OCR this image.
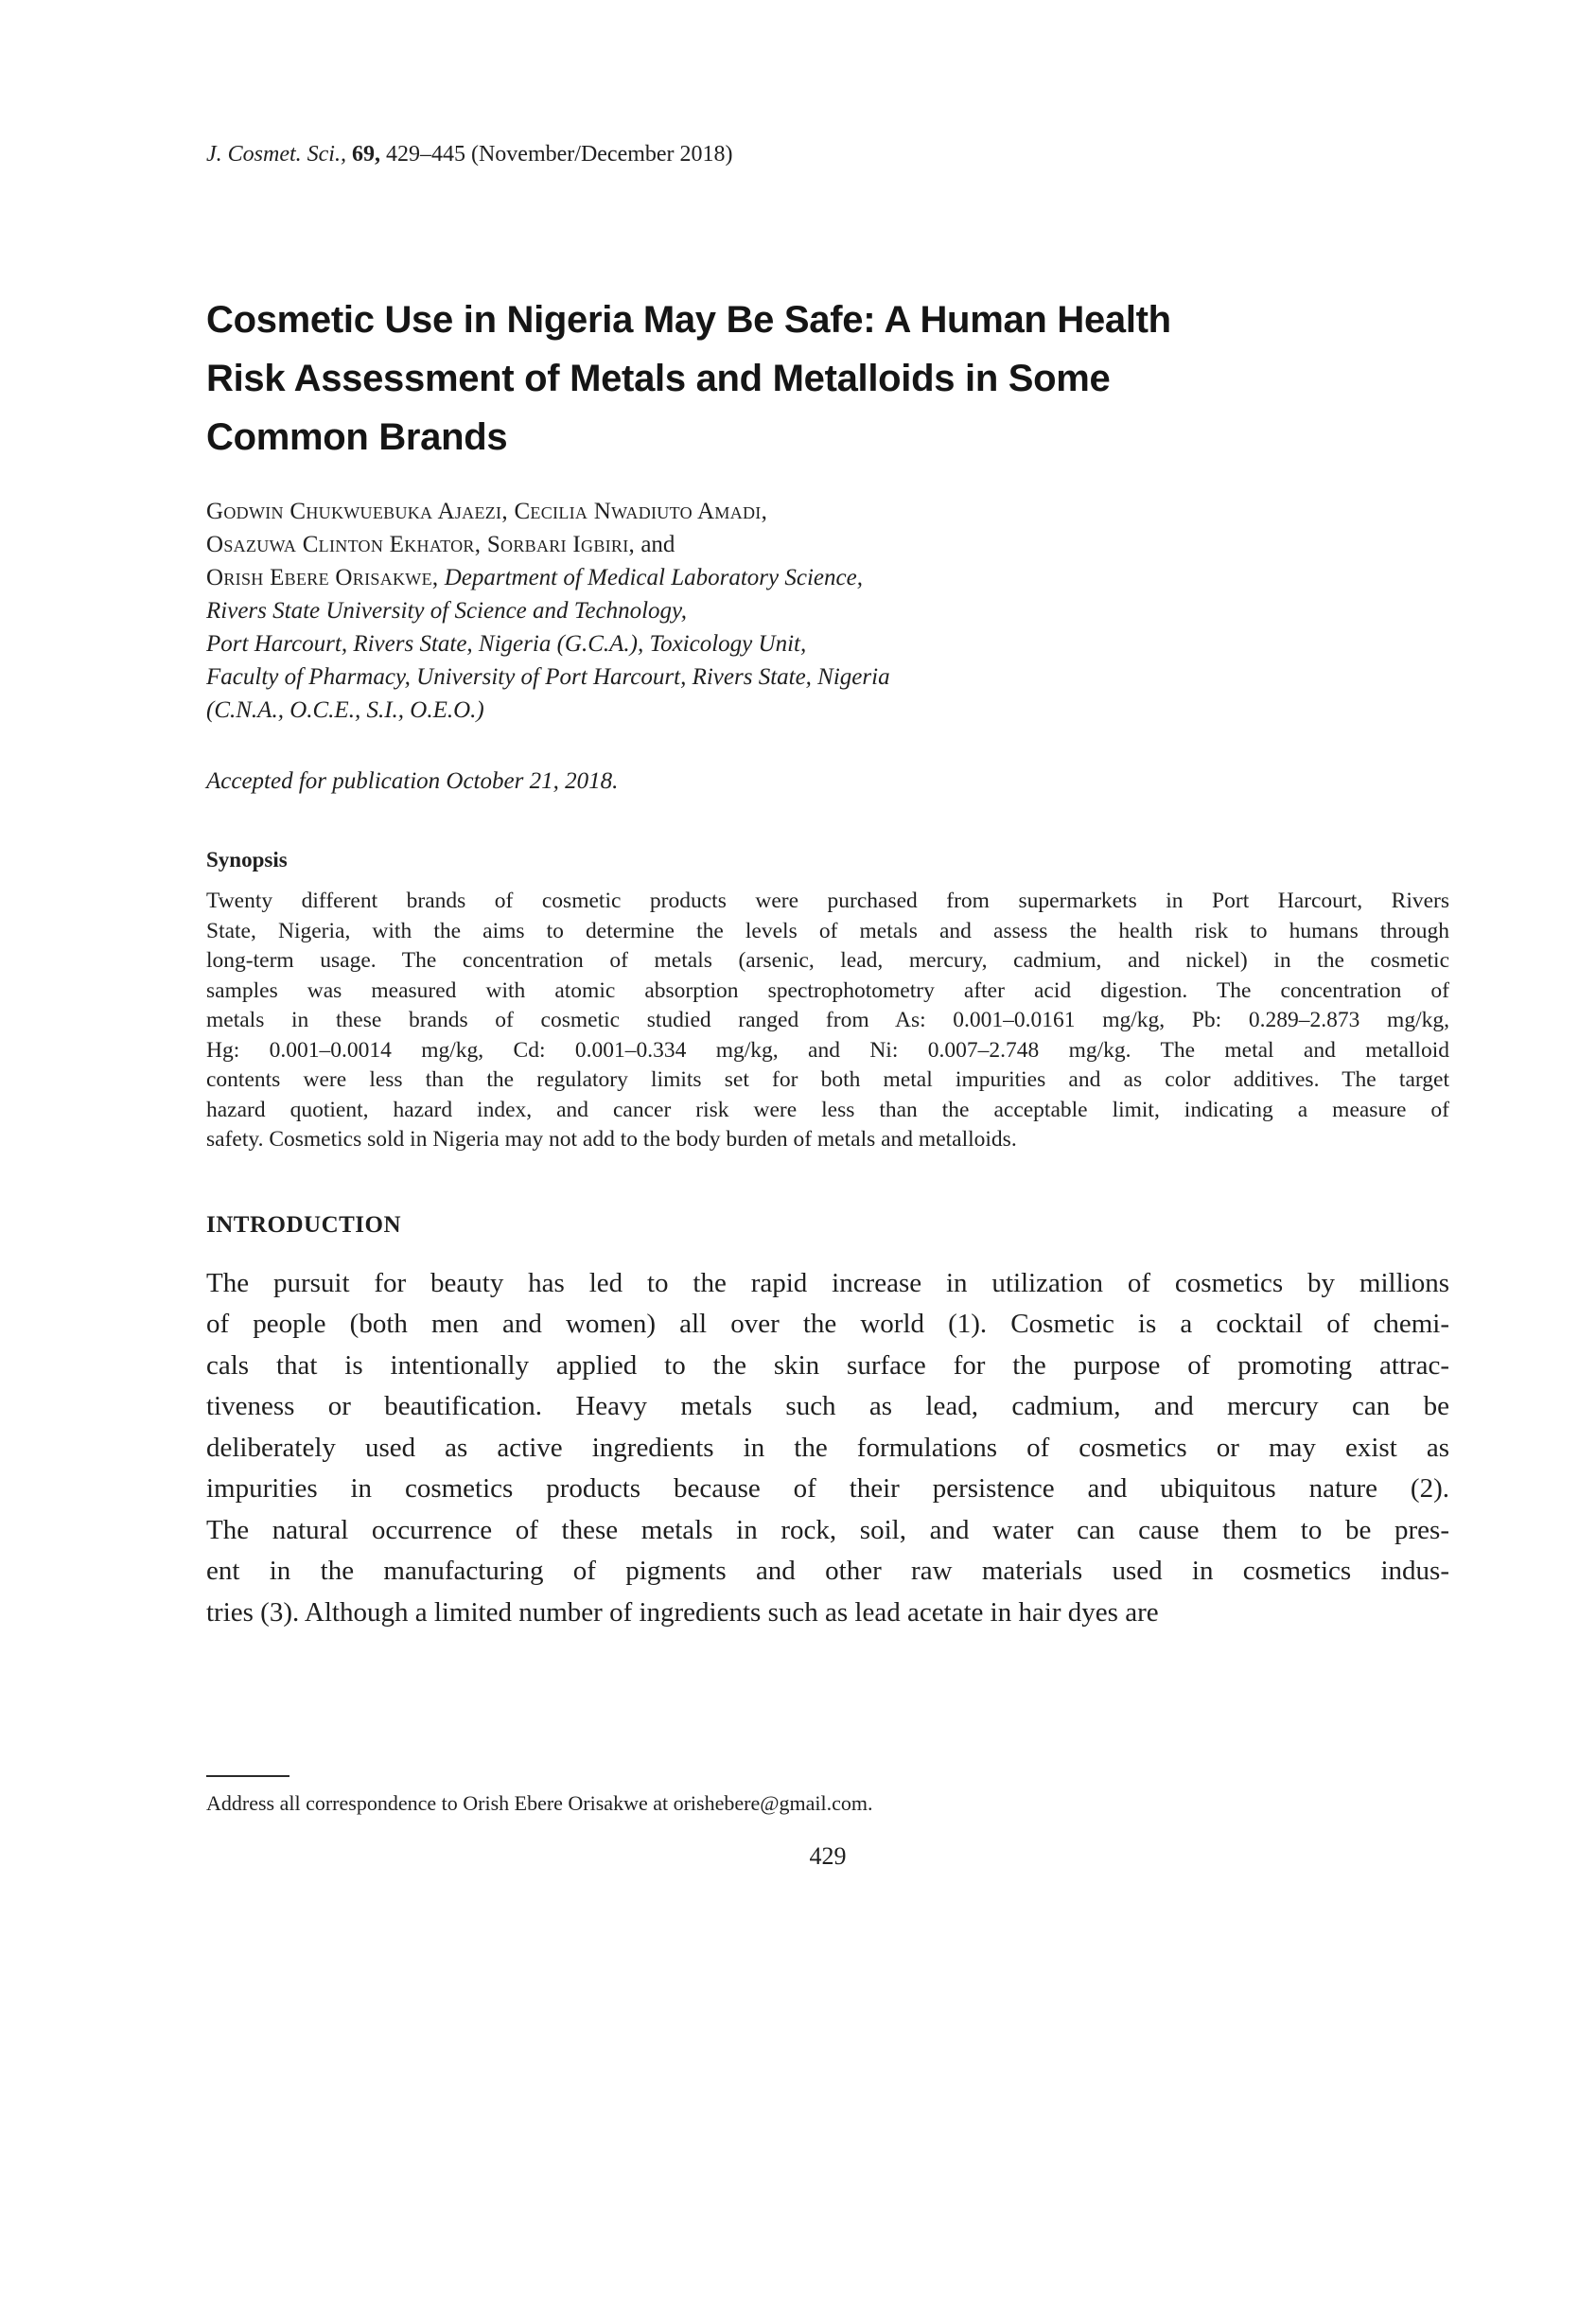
J. Cosmet. Sci., 69, 429–445 (November/December 2018)

Cosmetic Use in Nigeria May Be Safe: A Human Health
Risk Assessment of Metals and Metalloids in Some
Common Brands

Godwin Chukwuebuka Ajaezi, Cecilia Nwadiuto Amadi,

Osazuwa Clinton Ekhator, Sorbari Igbiri, and

Orish Ebere Orisakwe, Department of Medical Laboratory Science,

Rivers State University of Science and Technology,

Port Harcourt, Rivers State, Nigeria (G.C.A.), Toxicology Unit,

Faculty of Pharmacy, University of Port Harcourt, Rivers State, Nigeria

(C.N.A., O.C.E., S.I., O.E.O.)

Accepted for publication October 21, 2018.

Synopsis
Twenty different brands of cosmetic products were purchased from supermarkets in Port Harcourt, Rivers
State, Nigeria, with the aims to determine the levels of metals and assess the health risk to humans through
long-term usage. The concentration of metals (arsenic, lead, mercury, cadmium, and nickel) in the cosmetic
samples was measured with atomic absorption spectrophotometry after acid digestion. The concentration of
metals in these brands of cosmetic studied ranged from As: 0.001–0.0161 mg/kg, Pb: 0.289–2.873 mg/kg,
Hg: 0.001–0.0014 mg/kg, Cd: 0.001–0.334 mg/kg, and Ni: 0.007–2.748 mg/kg. The metal and metalloid
contents were less than the regulatory limits set for both metal impurities and as color additives. The target
hazard quotient, hazard index, and cancer risk were less than the acceptable limit, indicating a measure of
safety. Cosmetics sold in Nigeria may not add to the body burden of metals and metalloids.
INTRODUCTION
The pursuit for beauty has led to the rapid increase in utilization of cosmetics by millions
of people (both men and women) all over the world (1). Cosmetic is a cocktail of chemi-
cals that is intentionally applied to the skin surface for the purpose of promoting attrac-
tiveness or beautification. Heavy metals such as lead, cadmium, and mercury can be
deliberately used as active ingredients in the formulations of cosmetics or may exist as
impurities in cosmetics products because of their persistence and ubiquitous nature (2).
The natural occurrence of these metals in rock, soil, and water can cause them to be pres-
ent in the manufacturing of pigments and other raw materials used in cosmetics indus-
tries (3). Although a limited number of ingredients such as lead acetate in hair dyes are

Address all correspondence to Orish Ebere Orisakwe at orishebere@gmail.com.

429
